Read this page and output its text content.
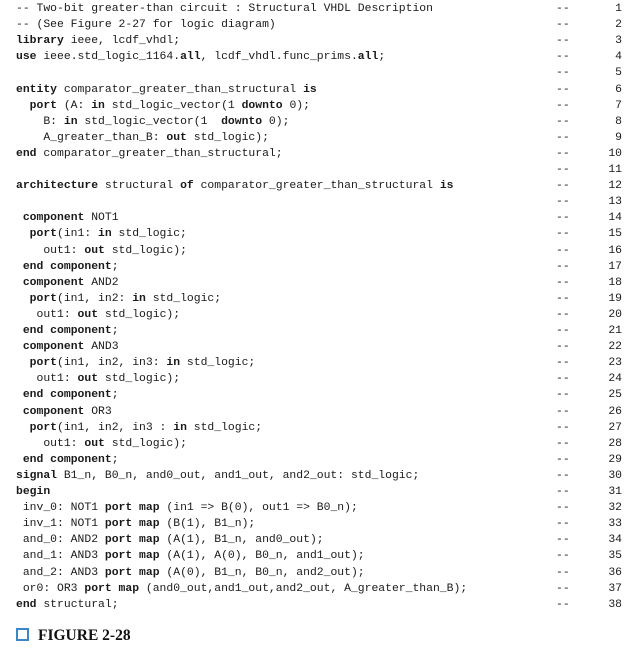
-- Two-bit greater-than circuit : Structural VHDL Description	--	1
-- (See Figure 2-27 for logic diagram)	--	2
library ieee, lcdf_vhdl;	--	3
use ieee.std_logic_1164.all, lcdf_vhdl.func_prims.all;	--	4
--	5
entity comparator_greater_than_structural is	--	6
port (A: in std_logic_vector(1 downto 0);	--	7
B: in std_logic_vector(1  downto 0);	--	8
A_greater_than_B: out std_logic);	--	9
end comparator_greater_than_structural;	--	10
--	11
architecture structural of comparator_greater_than_structural is	--	12
--	13
component NOT1	--	14
port(in1: in std_logic;	--	15
out1: out std_logic);	--	16
end component;	--	17
component AND2	--	18
port(in1, in2: in std_logic;	--	19
out1: out std_logic);	--	20
end component;	--	21
component AND3	--	22
port(in1, in2, in3: in std_logic;	--	23
out1: out std_logic);	--	24
end component;	--	25
component OR3	--	26
port(in1, in2, in3 : in std_logic;	--	27
out1: out std_logic);	--	28
end component;	--	29
signal B1_n, B0_n, and0_out, and1_out, and2_out: std_logic;	--	30
begin	--	31
inv_0: NOT1 port map (in1 => B(0), out1 => B0_n);	--	32
inv_1: NOT1 port map (B(1), B1_n);	--	33
and_0: AND2 port map (A(1), B1_n, and0_out);	--	34
and_1: AND3 port map (A(1), A(0), B0_n, and1_out);	--	35
and_2: AND3 port map (A(0), B1_n, B0_n, and2_out);	--	36
or0: OR3 port map (and0_out,and1_out,and2_out, A_greater_than_B);	--	37
end structural;	--	38
FIGURE 2-28
